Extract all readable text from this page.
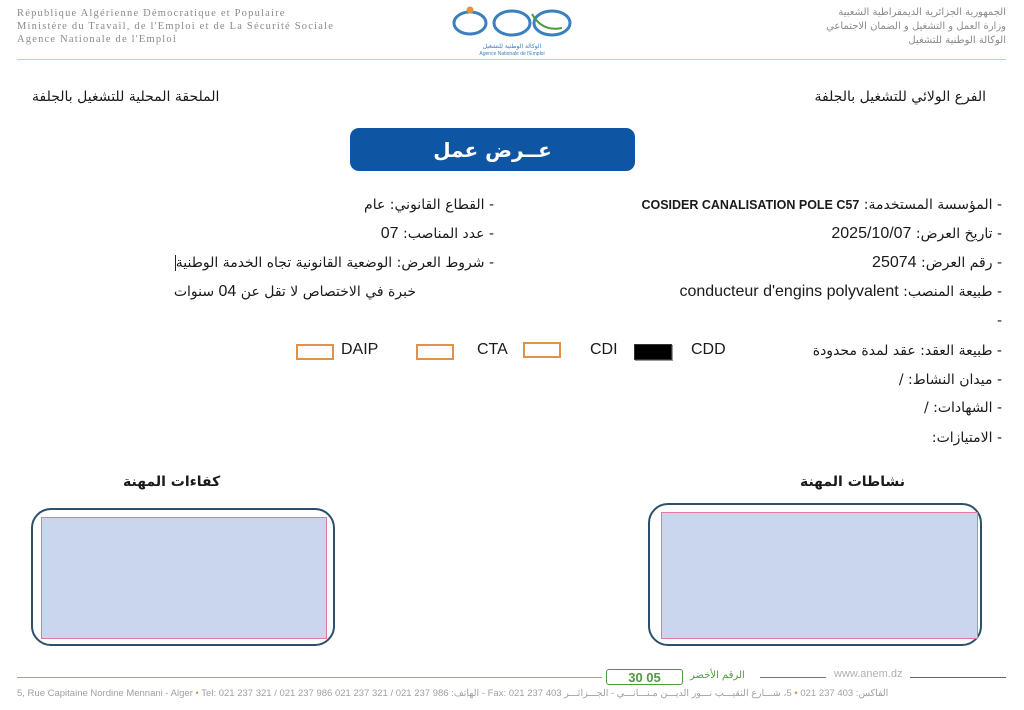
République Algérienne Démocratique et Populaire
Ministère du Travail, de l'Emploi et de La Sécurité Sociale
Agence Nationale de l'Emploi
الوكالة الوطنية للتشغيل
Agence Nationale de l'Emploi
الجمهورية الجزائرية الديمقراطية الشعبية
وزارة العمل و التشغيل و الضمان الاجتماعي
الوكالة الوطنية للتشغيل
الفرع الولائي للتشغيل بالجلفة
الملحقة المحلية للتشغيل بالجلفة
عــرض عمل
- المؤسسة المستخدمة: COSIDER CANALISATION POLE C57
- تاريخ العرض: 2025/10/07
- رقم العرض: 25074
- طبيعة المنصب: conducteur d'engins polyvalent
-
- طبيعة العقد: عقد لمدة محدودة
- ميدان النشاط: /
- الشهادات: /
- الامتيازات:
- القطاع القانوني: عام
- عدد المناصب: 07
- شروط العرض: الوضعية القانونية تجاه الخدمة الوطنية
خبرة في الاختصاص لا تقل عن 04 سنوات
CDD
CDI
CTA
DAIP
نشاطات المهنة
كفاءات المهنة
30 05	الرقم الأخضر	www.anem.dz
5, Rue Capitaine Nordine Mennani - Alger • Tel: 021 237 321 / 021 237 986 الهاتف: 986 237 021 / 321 237 021 - Fax: 021 237 403	الفاكس: 403 237 021 • 5، شـــارع النقيـــب نـــور الديـــن مـنـــانـــي - الجـــزائـــر
